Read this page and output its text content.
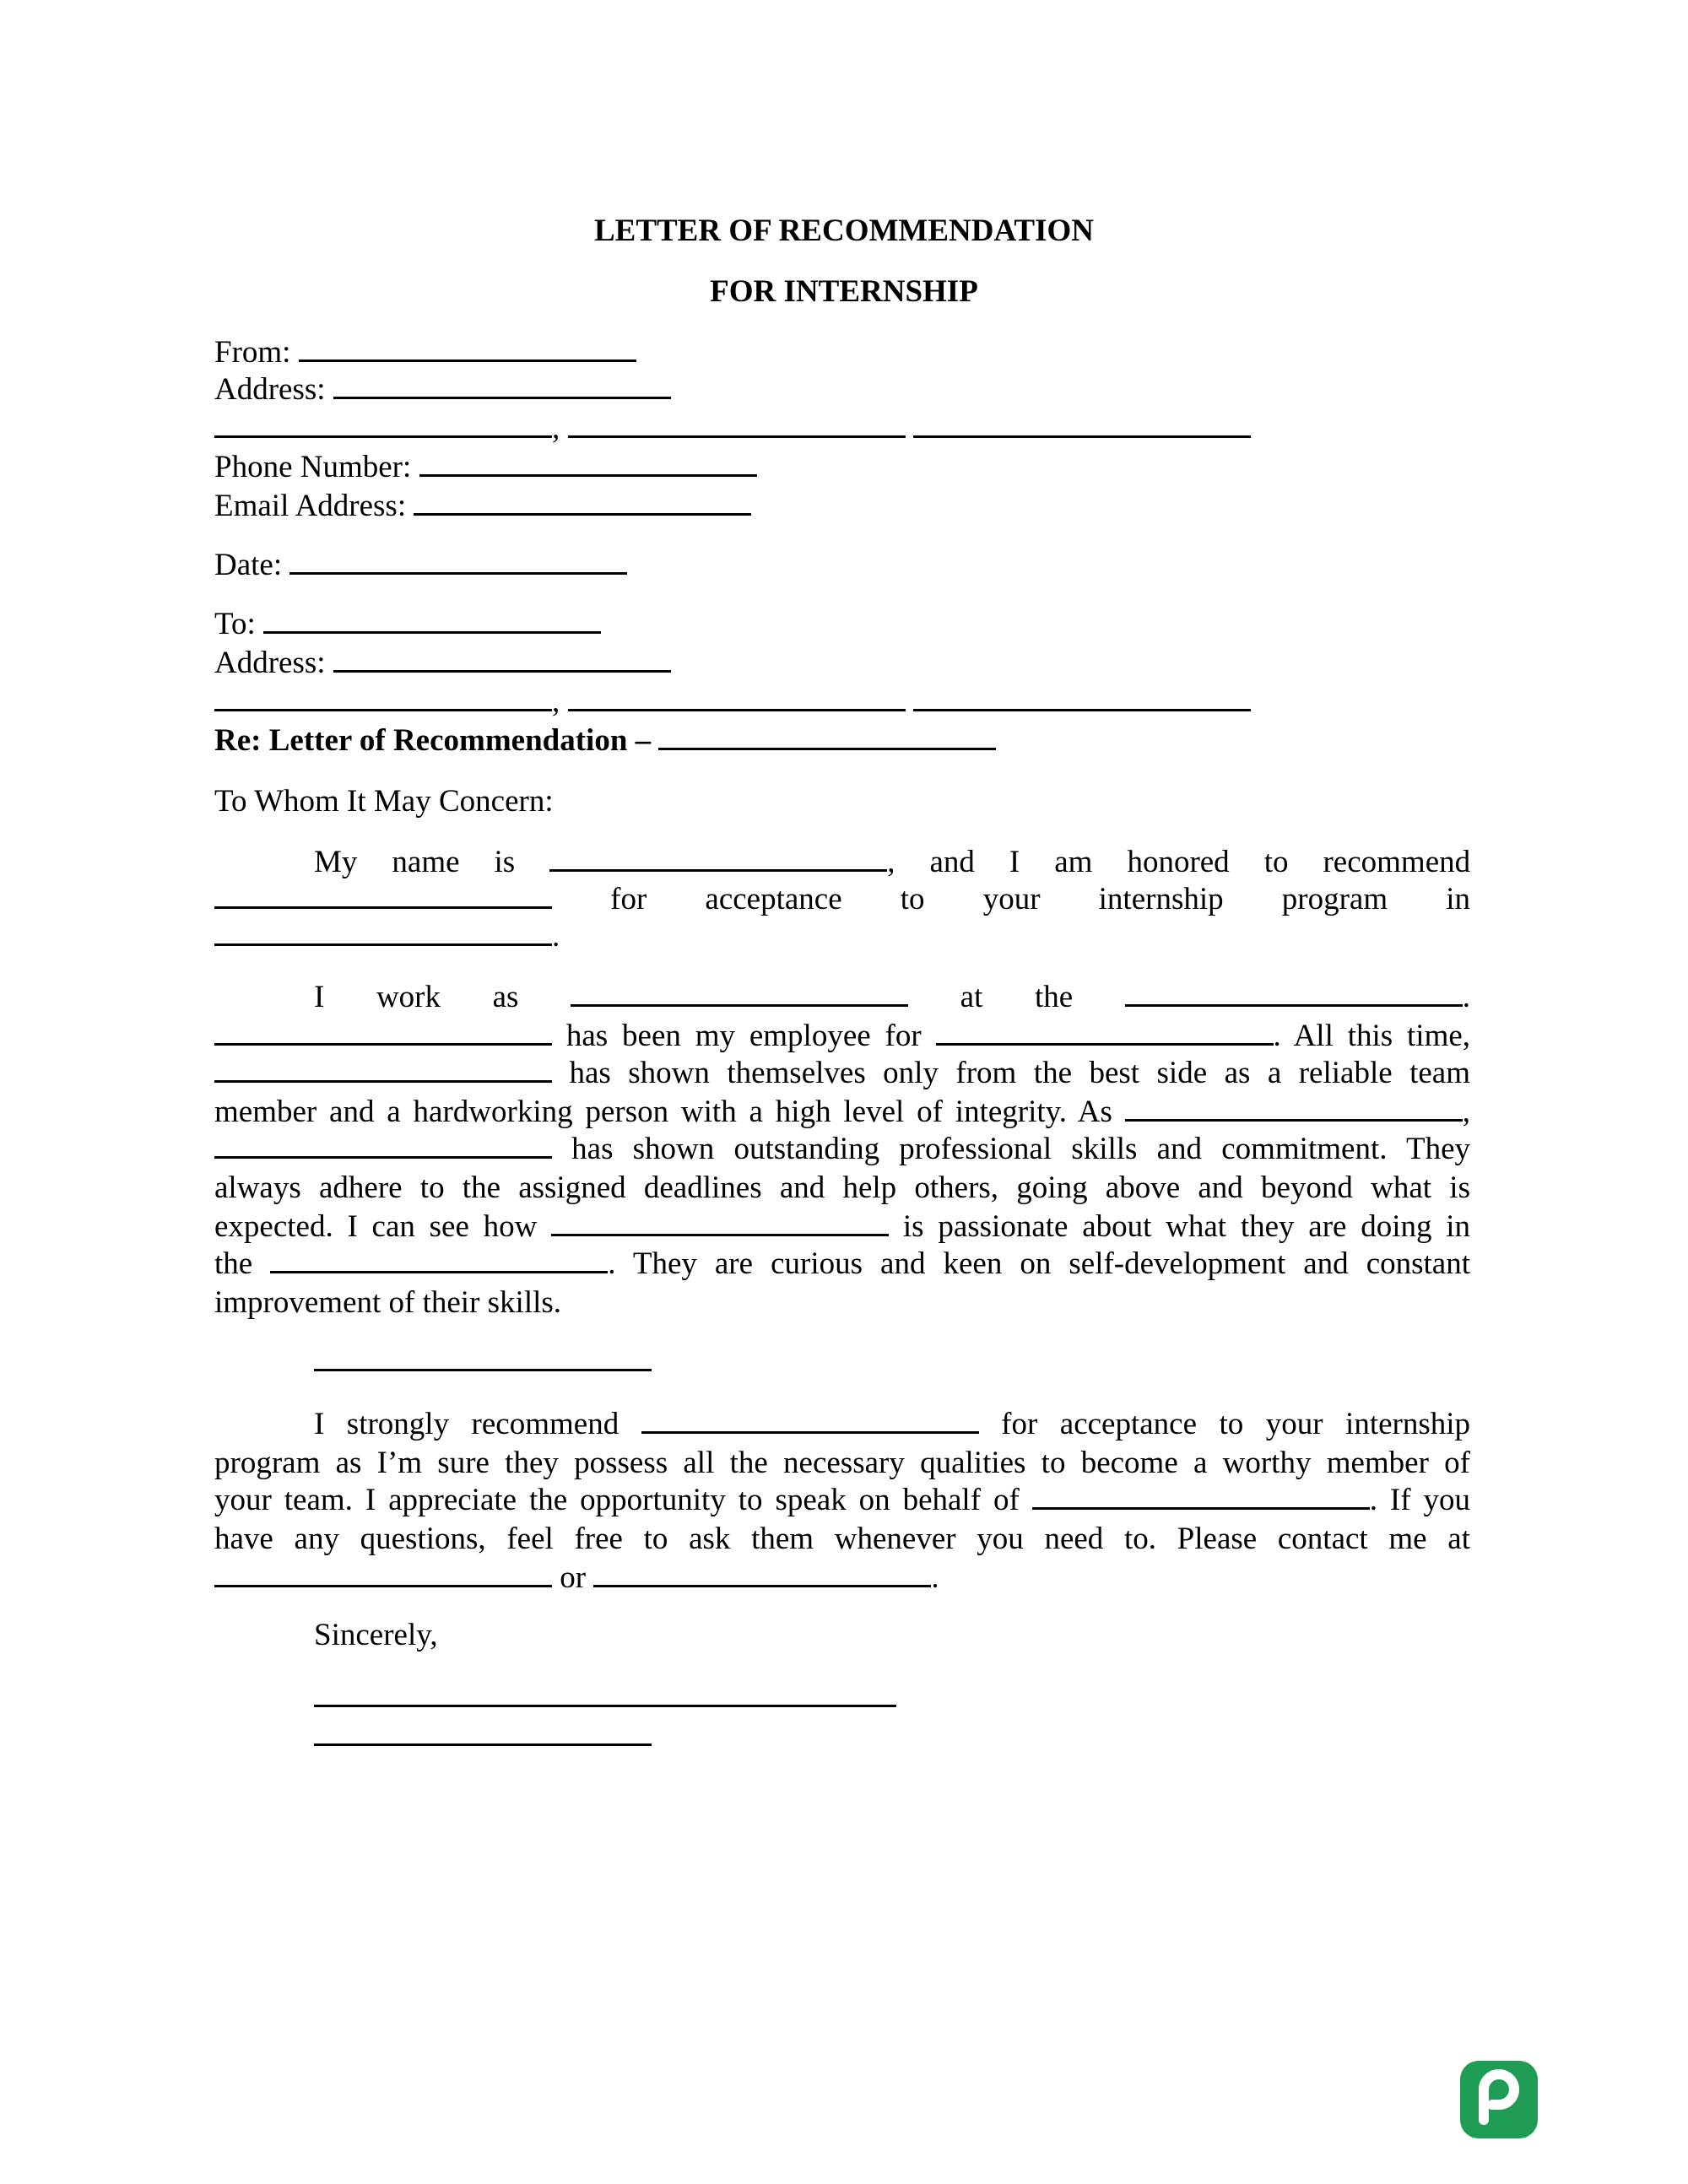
LETTER OF RECOMMENDATION
FOR INTERNSHIP
From:
Address:
,
Phone Number:
Email Address:
Date:
To:
Address:
,
Re: Letter of Recommendation –
To Whom It May Concern:
My name is	, and I am honored to recommend
for acceptance to your internship program in
.
I work as	at the	.
has been my employee for	. All this time,
has shown themselves only from the best side as a reliable team
member and a hardworking person with a high level of integrity. As	,
has shown outstanding professional skills and commitment. They
always adhere to the assigned deadlines and help others, going above and beyond what is
expected. I can see how	is passionate about what they are doing in
the	. They are curious and keen on self-development and constant
improvement of their skills.
I strongly recommend	for acceptance to your internship
program as I’m sure they possess all the necessary qualities to become a worthy member of
your team. I appreciate the opportunity to speak on behalf of	. If you
have any questions, feel free to ask them whenever you need to. Please contact me at
or	.
Sincerely,
